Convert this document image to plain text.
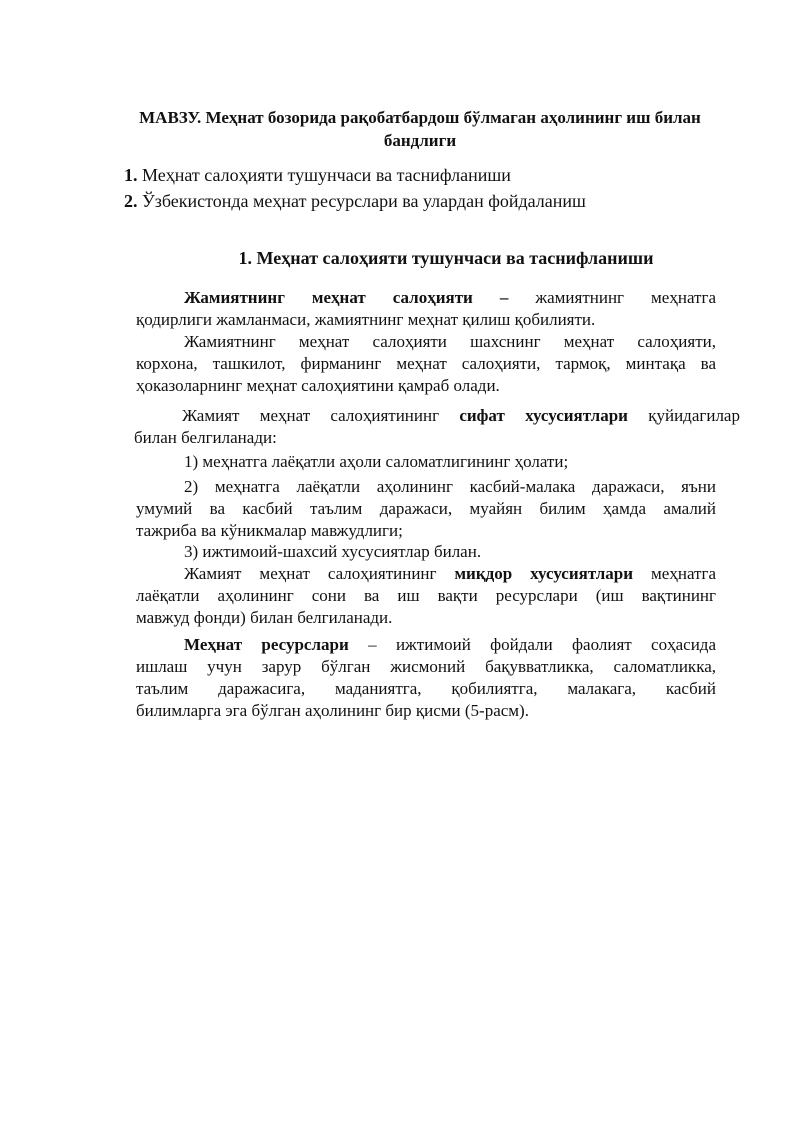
МАВЗУ. Меҳнат бозорида рақобатбардош бўлмаган аҳолининг иш билан
бандлиги
1. Меҳнат салоҳияти тушунчаси ва таснифланиши
2. Ўзбекистонда меҳнат ресурслари ва улардан фойдаланиш
1. Меҳнат салоҳияти тушунчаси ва таснифланиши
Жамиятнинг меҳнат салоҳияти – жамиятнинг меҳнатга
қодирлиги жамланмаси, жамиятнинг меҳнат қилиш қобилияти.
Жамиятнинг меҳнат салоҳияти шахснинг меҳнат салоҳияти,
корхона, ташкилот, фирманинг меҳнат салоҳияти, тармоқ, минтақа ва
ҳоказоларнинг меҳнат салоҳиятини қамраб олади.
Жамият меҳнат салоҳиятининг сифат хусусиятлари қуйидагилар
билан белгиланади:
1) меҳнатга лаёқатли аҳоли саломатлигининг ҳолати;
2) меҳнатга лаёқатли аҳолининг касбий-малака даражаси, яъни
умумий ва касбий таълим даражаси, муайян билим ҳамда амалий
тажриба ва кўникмалар мавжудлиги;
3) ижтимоий-шахсий хусусиятлар билан.
Жамият меҳнат салоҳиятининг миқдор хусусиятлари меҳнатга
лаёқатли аҳолининг сони ва иш вақти ресурслари (иш вақтининг
мавжуд фонди) билан белгиланади.
Меҳнат ресурслари – ижтимоий фойдали фаолият соҳасида
ишлаш учун зарур бўлган жисмоний бақувватликка, саломатликка,
таълим даражасига, маданиятга, қобилиятга, малакага, касбий
билимларга эга бўлган аҳолининг бир қисми (5-расм).
